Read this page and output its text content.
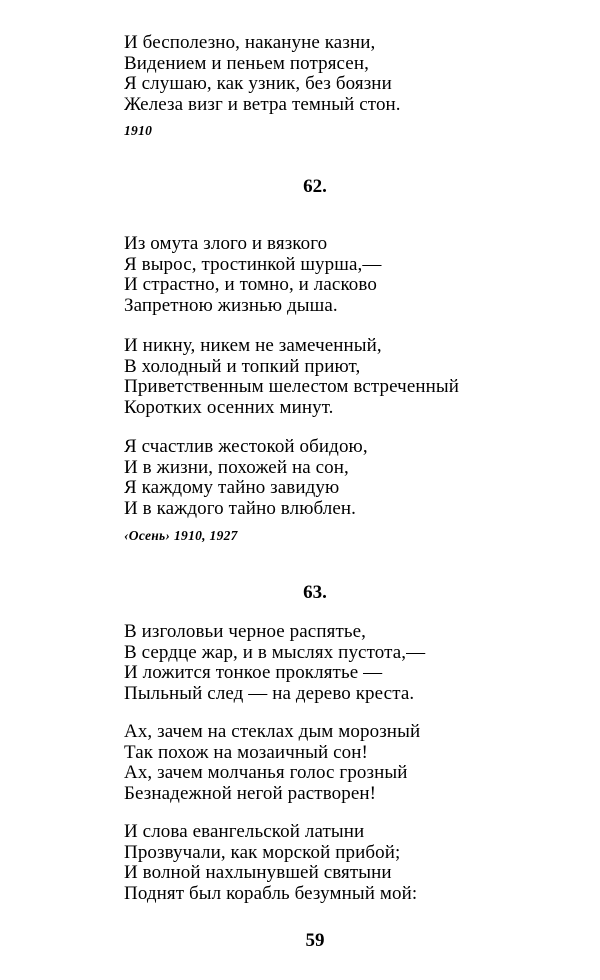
И бесполезно, накануне казни,
Видением и пеньем потрясен,
Я слушаю, как узник, без боязни
Железа визг и ветра темный стон.
1910
62.
Из омута злого и вязкого
Я вырос, тростинкой шурша,—
И страстно, и томно, и ласково
Запретною жизнью дыша.
И никну, никем не замеченный,
В холодный и топкий приют,
Приветственным шелестом встреченный
Коротких осенних минут.
Я счастлив жестокой обидою,
И в жизни, похожей на сон,
Я каждому тайно завидую
И в каждого тайно влюблен.
‹Осень› 1910, 1927
63.
В изголовьи черное распятье,
В сердце жар, и в мыслях пустота,—
И ложится тонкое проклятье —
Пыльный след — на дерево креста.
Ах, зачем на стеклах дым морозный
Так похож на мозаичный сон!
Ах, зачем молчанья голос грозный
Безнадежной негой растворен!
И слова евангельской латыни
Прозвучали, как морской прибой;
И волной нахлынувшей святыни
Поднят был корабль безумный мой:
59
